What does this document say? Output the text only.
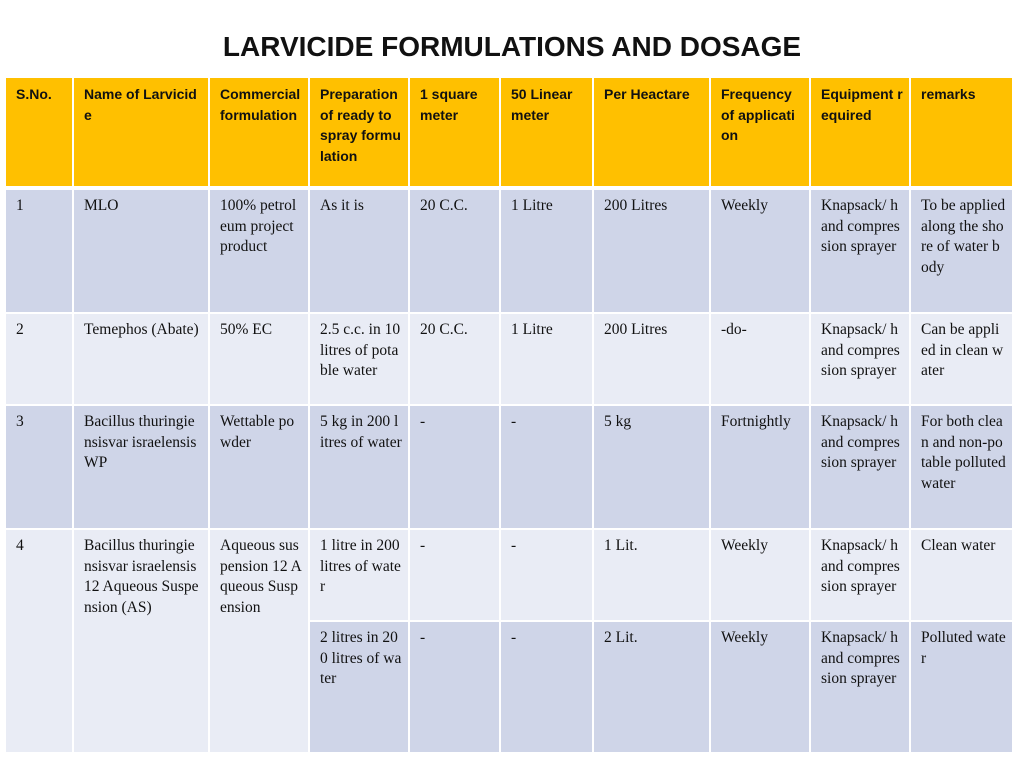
LARVICIDE FORMULATIONS AND DOSAGE
S.No.	Name of Larvicide	Commercial formulation	Preparation of ready to spray formulation	1 square meter	50 Linear meter	Per Heactare	Frequency of application	Equipment required	remarks
1	MLO	100% petroleum project product	As it is	20 C.C.	1 Litre	200 Litres	Weekly	Knapsack/ hand compression sprayer	To be applied along the shore of water body
2	Temephos (Abate)	50% EC	2.5 c.c. in 10 litres of potable water	20 C.C.	1 Litre	200 Litres	-do-	Knapsack/ hand compression sprayer	Can be applied in clean water
3	Bacillus thuringiensisvar israelensis WP	Wettable powder	5 kg in 200 litres of water	-	-	5 kg	Fortnightly	Knapsack/ hand compression sprayer	For both clean and non-potable polluted water
4	Bacillus thuringiensisvar israelensis 12 Aqueous Suspension (AS)	Aqueous suspension 12 Aqueous Suspension	1 litre in 200 litres of water	-	-	1 Lit.	Weekly	Knapsack/ hand compression sprayer	Clean water
			2 litres in 200 litres of water	-	-	2 Lit.	Weekly	Knapsack/ hand compression sprayer	Polluted water
